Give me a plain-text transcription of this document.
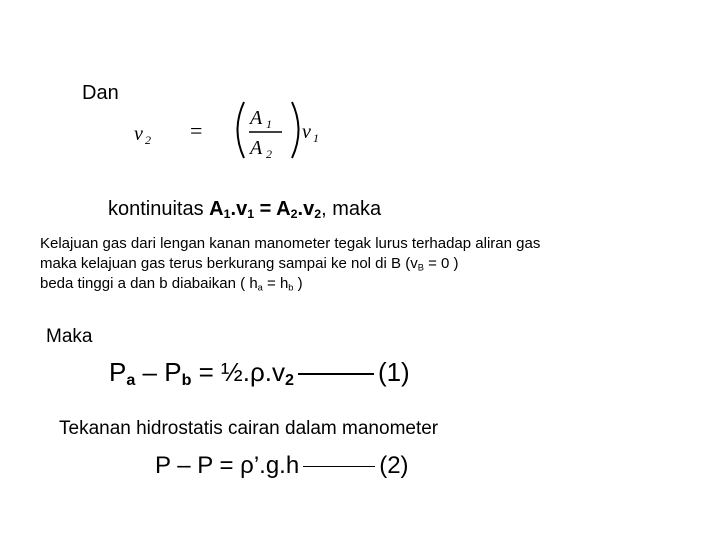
Dan
v 2 = A 1
A 2
v 1
kontinuitas $A_1.v_1 = A_2.v_2$, maka
Kelajuan gas dari lengan kanan manometer tegak lurus terhadap aliran gas
maka kelajuan gas terus berkurang sampai ke nol di B ($v_B = 0$ )
beda tinggi a dan b diabaikan ( $h_a = h_b$ )
Maka
$P_a - P_b$ = $\frac{1}{2}.\rho.v_2$	(1)
Tekanan hidrostatis cairan dalam manometer
P – P = ρ’.g.h	(2)
